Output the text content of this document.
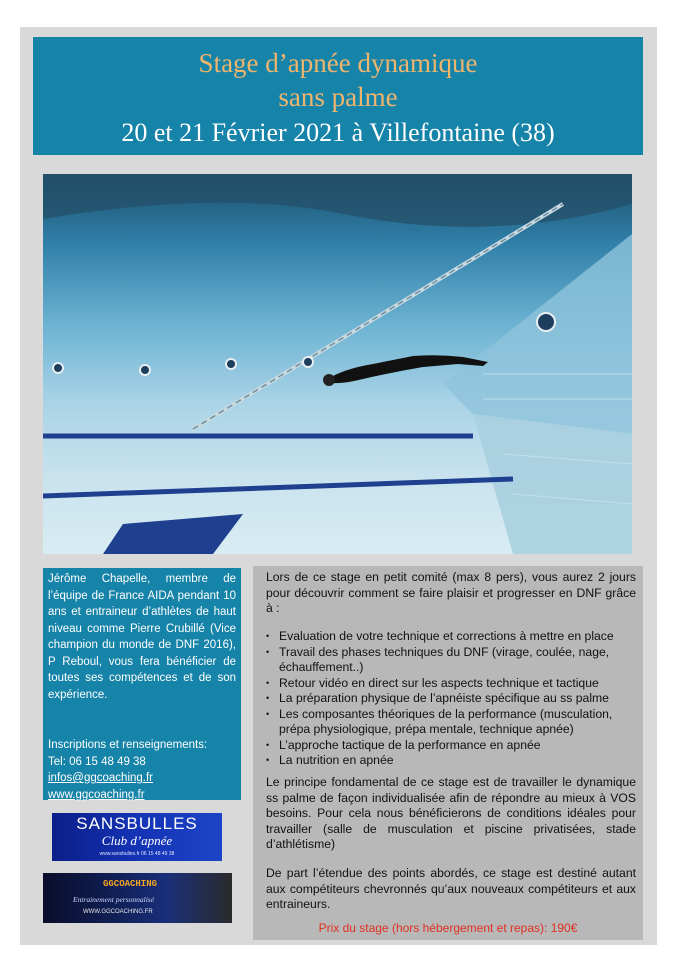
Stage d’apnée dynamique
sans palme
20 et 21 Février 2021 à Villefontaine (38)
Jérôme Chapelle, membre de l’équipe de France AIDA pendant 10 ans et entraineur d’athlètes de haut niveau comme Pierre Crubillé (Vice champion du monde de DNF 2016), P Reboul, vous fera bénéficier de toutes ses compétences et de son expérience.
Inscriptions et renseignements:
Tel: 06 15 48 49 38
infos@ggcoaching.fr
www.ggcoaching.fr
Lors de ce stage en petit comité (max 8 pers), vous aurez 2 jours pour découvrir comment se faire plaisir et progresser en DNF grâce à :
• Evaluation de votre technique et corrections à mettre en place
• Travail des phases techniques du DNF (virage, coulée, nage, échauffement..)
• Retour vidéo en direct sur les aspects technique et tactique
• La préparation physique de l’apnéiste spécifique au ss palme
• Les composantes théoriques de la performance (musculation, prépa physiologique, prépa mentale, technique apnée)
• L’approche tactique de la performance en apnée
• La nutrition en apnée
Le principe fondamental de ce stage est de travailler le dynamique ss palme de façon individualisée afin de répondre au mieux à VOS besoins. Pour cela nous bénéficierons de conditions idéales pour travailler (salle de musculation et piscine privatisées, stade d’athlétisme)
De part l’étendue des points abordés, ce stage est destiné autant aux compétiteurs chevronnés qu’aux nouveaux compétiteurs et aux entraineurs.
Prix du stage (hors hébergement et repas): 190€
SANSBULLES
Club d’apnée
www.sansbulles.fr 06 15 48 49 38
GGCOACHING
Entrainement personnalisé
WWW.GGCOACHING.FR
